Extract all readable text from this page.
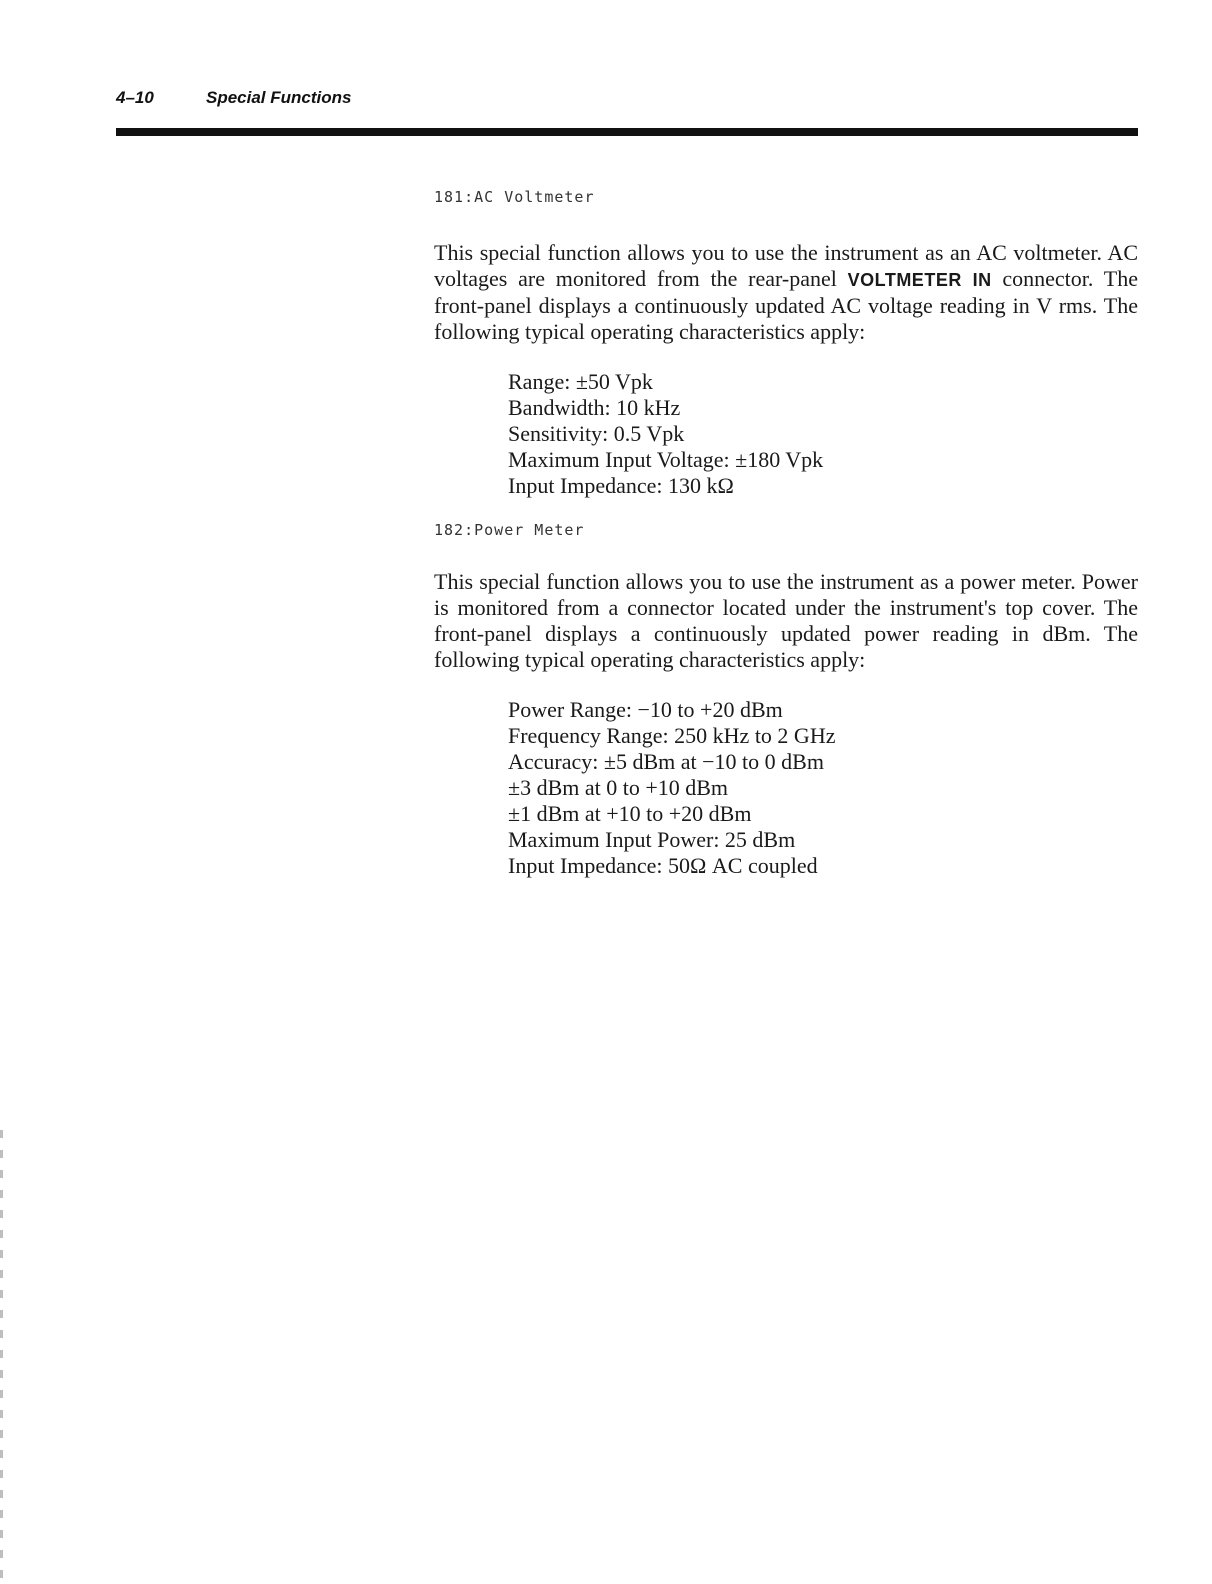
4–10	Special Functions
181:AC Voltmeter

This special function allows you to use the instrument as an AC voltmeter. AC voltages are monitored from the rear-panel VOLTMETER IN connector. The front-panel displays a continuously updated AC voltage reading in V rms. The following typical operating characteristics apply:

Range: ±50 Vpk
Bandwidth: 10 kHz
Sensitivity: 0.5 Vpk
Maximum Input Voltage: ±180 Vpk
Input Impedance: 130 kΩ
182:Power Meter

This special function allows you to use the instrument as a power meter. Power is monitored from a connector located under the instrument's top cover. The front-panel displays a continuously updated power reading in dBm. The following typical operating characteristics apply:

Power Range: −10 to +20 dBm
Frequency Range: 250 kHz to 2 GHz
Accuracy: ±5 dBm at −10 to 0 dBm
±3 dBm at 0 to +10 dBm
±1 dBm at +10 to +20 dBm
Maximum Input Power: 25 dBm
Input Impedance: 50Ω AC coupled
